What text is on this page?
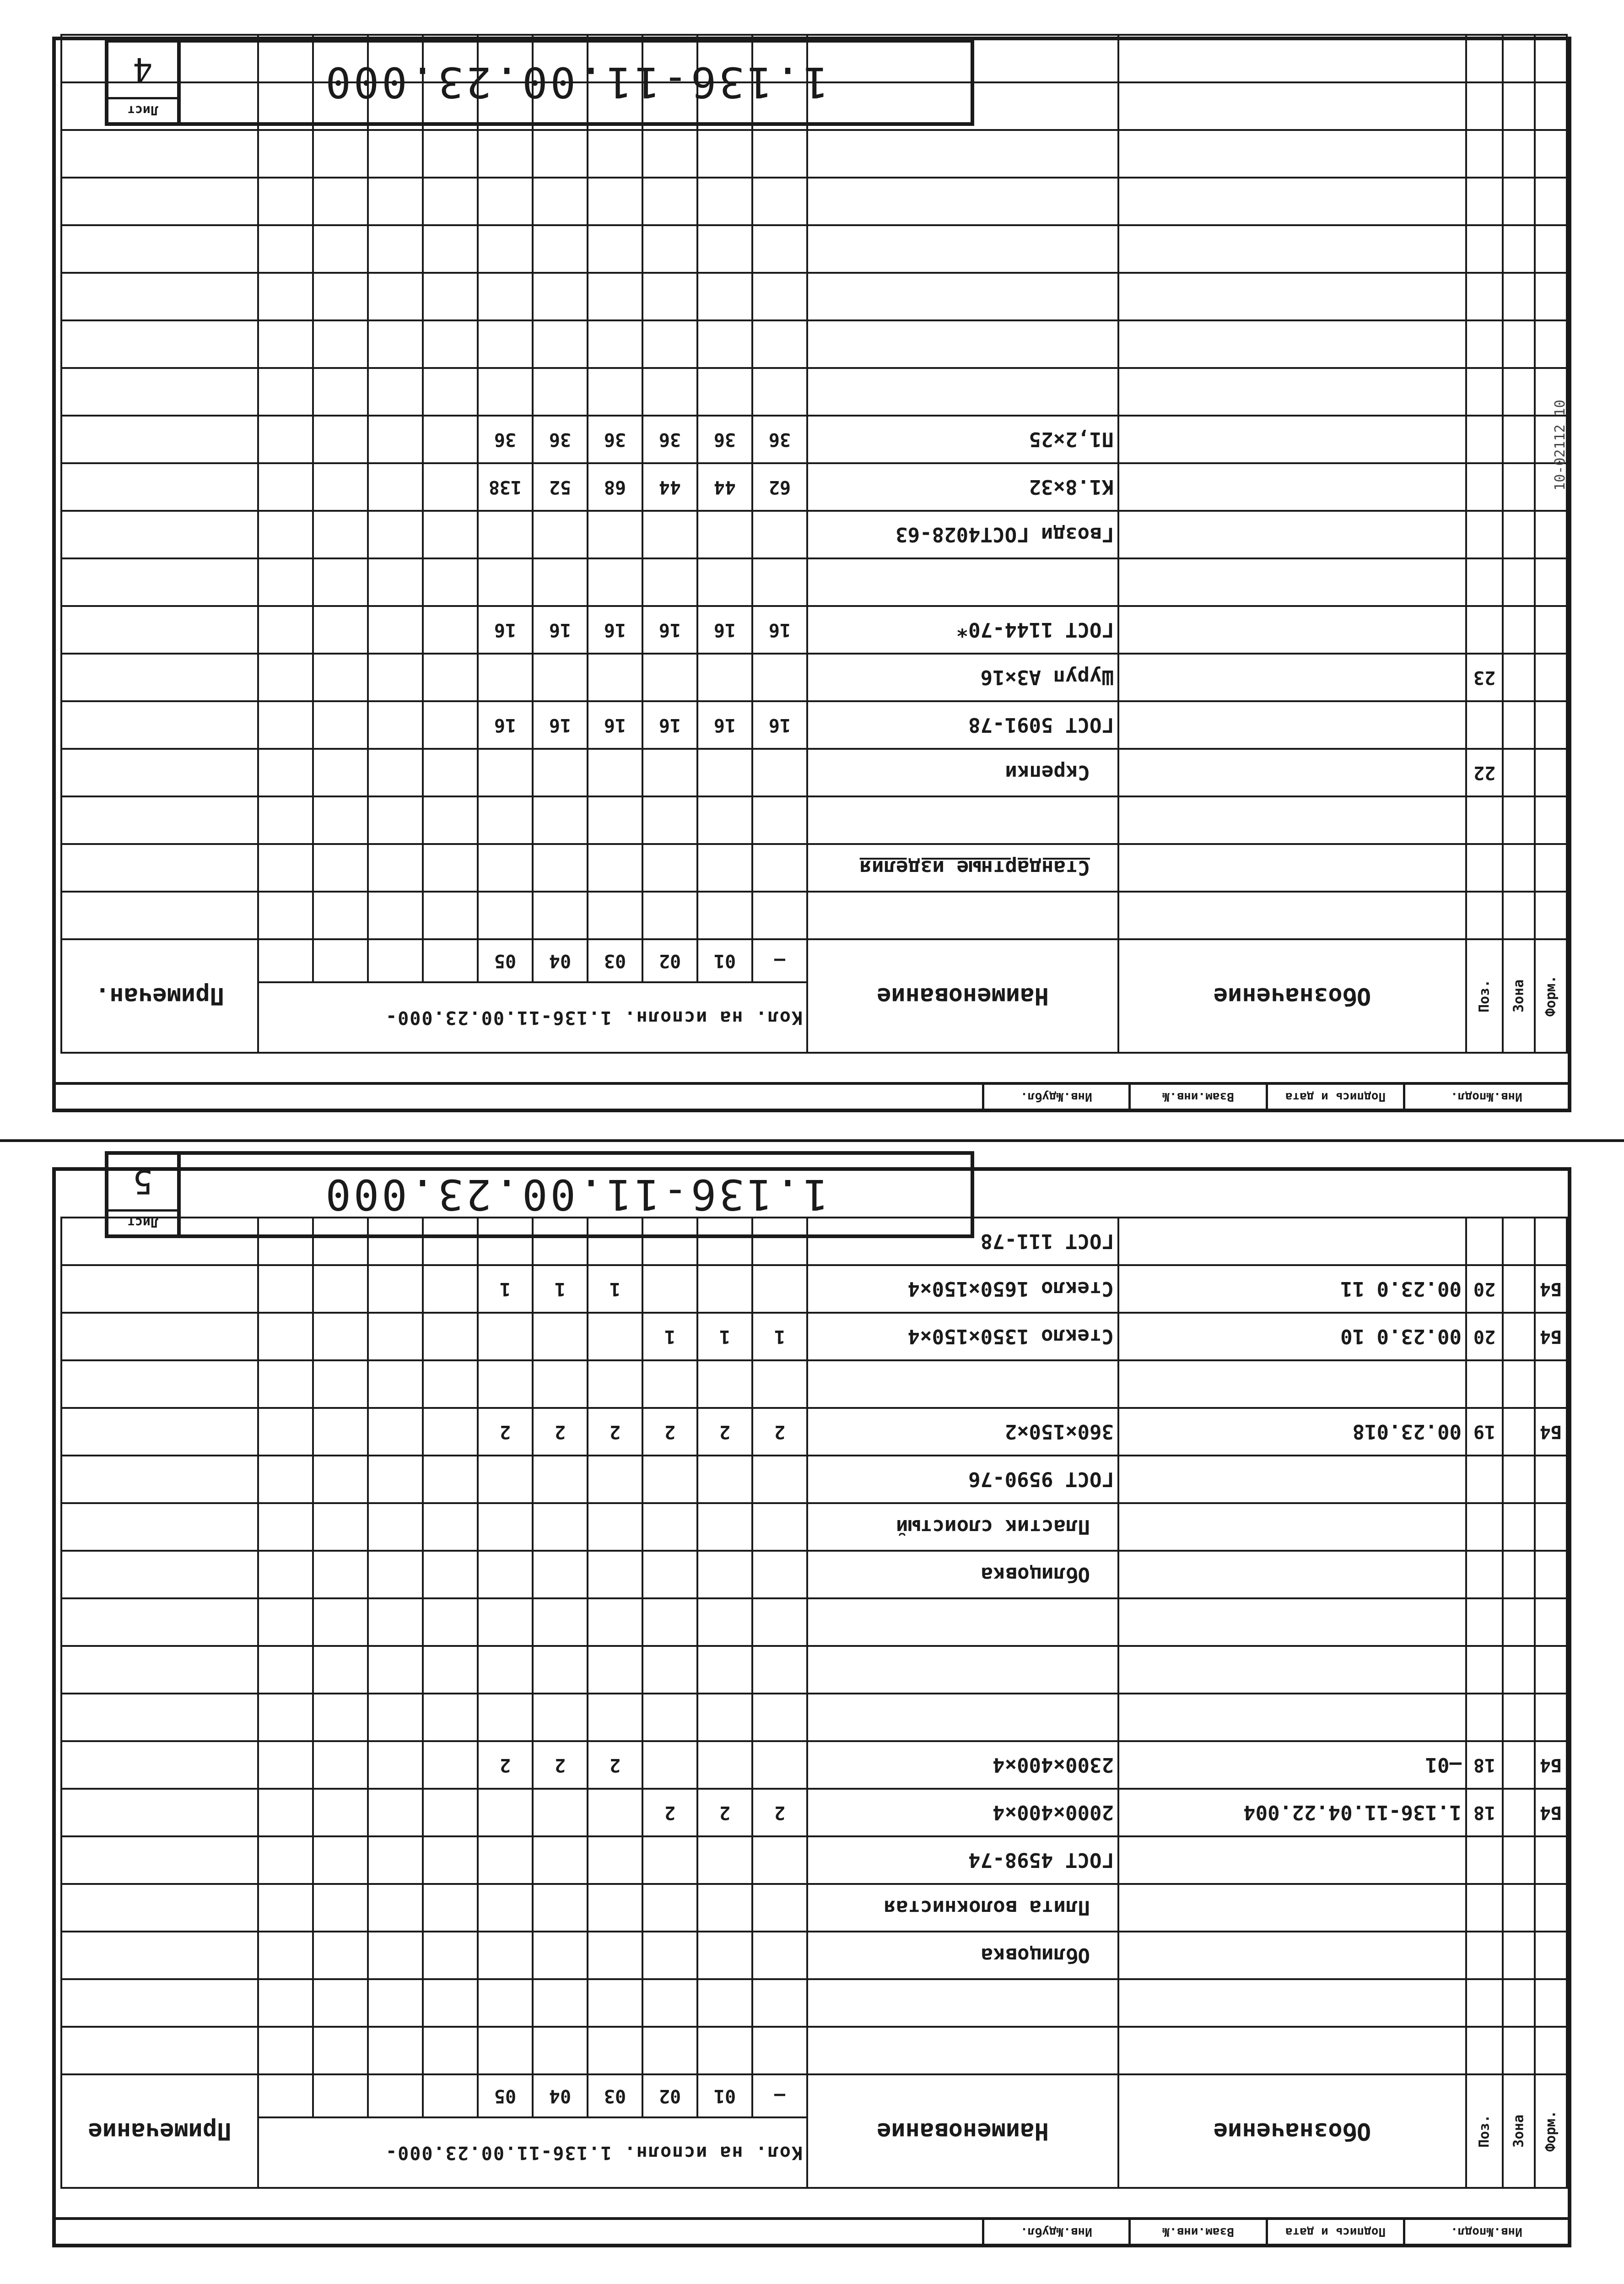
Инв.№подл.
Подпись и дата
Взам.инв.№
Инв.№дубл.
Форм.	Зона	Поз.	Обозначение	Наименование	Кол. на исполн. 1.136-11.00.23.000-										Примечание
					–	01	02	03	04	05					

				Облицовка											
				Плита волокнистая											
				ГОСТ 4598-74											
Б4		18	1.136-11.04.22.004	2000×400×4	2	2	2								
Б4		18	–01	2300×400×4				2	2	2					

				Облицовка											
				Пластик слоистый											
				ГОСТ 9590-76											
Б4		19	00.23.018	360×150×2	2	2	2	2	2	2					

Б4		20	00.23.0 10	Стекло 1350×150×4	1	1	1								
Б4		20	00.23.0 11	Стекло 1650×150×4				1	1	1					
				ГОСТ 111-78											
1.136-11.00.23.000
Лист
5
Инв.№подл.
Подпись и дата
Взам.инв.№
Инв.№дубл.
Форм.	Зона	Поз.	Обозначение	Наименование	Кол. на исполн. 1.136-11.00.23.000-										Примечан.
					–	01	02	03	04	05					

				Стандартные изделия											

		22		Скрепки											
				ГОСТ 5091-78	16	16	16	16	16	16					
		23		Шуруп А3×16											
				ГОСТ 1144-70*	16	16	16	16	16	16					

				Гвозди ГОСТ4028-63											
				К1.8×32	62	44	44	68	52	138					
				П1,2×25	36	36	36	36	36	36					

1.136-11.00.23.000
Лист
4
10-02112 10
